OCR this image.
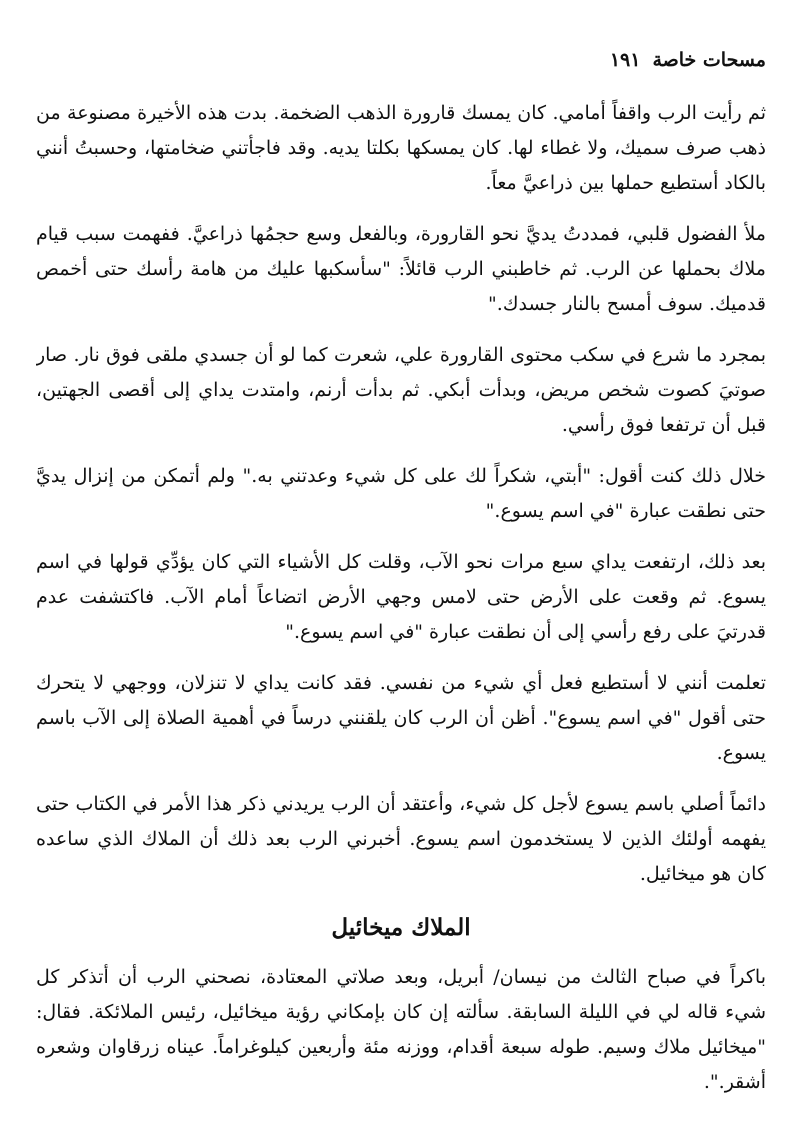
مسحات خاصة
١٩١

ثم رأيت الرب واقفاً أمامي. كان يمسك قارورة الذهب الضخمة. بدت هذه الأخيرة مصنوعة من ذهب صرف سميك، ولا غطاء لها. كان يمسكها بكلتا يديه. وقد فاجأتني ضخامتها، وحسبتُ أنني بالكاد أستطيع حملها بين ذراعيَّ معاً.

ملأ الفضول قلبي، فمددتُ يديَّ نحو القارورة، وبالفعل وسع حجمُها ذراعيَّ. ففهمت سبب قيام ملاك بحملها عن الرب. ثم خاطبني الرب قائلاً: "سأسكبها عليك من هامة رأسك حتى أخمص قدميك. سوف أمسح بالنار جسدك."

بمجرد ما شرع في سكب محتوى القارورة علي، شعرت كما لو أن جسدي ملقى فوق نار. صار صوتيَ كصوت شخص مريض، وبدأت أبكي. ثم بدأت أرنم، وامتدت يداي إلى أقصى الجهتين، قبل أن ترتفعا فوق رأسي.

خلال ذلك كنت أقول: "أبتي، شكراً لك على كل شيء وعدتني به." ولم أتمكن من إنزال يديَّ حتى نطقت عبارة "في اسم يسوع."

بعد ذلك، ارتفعت يداي سبع مرات نحو الآب، وقلت كل الأشياء التي كان يؤدِّي قولها في اسم يسوع. ثم وقعت على الأرض حتى لامس وجهي الأرض اتضاعاً أمام الآب. فاكتشفت عدم قدرتيَ على رفع رأسي إلى أن نطقت عبارة "في اسم يسوع."

تعلمت أنني لا أستطيع فعل أي شيء من نفسي. فقد كانت يداي لا تنزلان، ووجهي لا يتحرك حتى أقول "في اسم يسوع". أظن أن الرب كان يلقنني درساً في أهمية الصلاة إلى الآب باسم يسوع.

دائماً أصلي باسم يسوع لأجل كل شيء، وأعتقد أن الرب يريدني ذكر هذا الأمر في الكتاب حتى يفهمه أولئك الذين لا يستخدمون اسم يسوع. أخبرني الرب بعد ذلك أن الملاك الذي ساعده كان هو ميخائيل.

الملاك ميخائيل

باكراً في صباح الثالث من نيسان/ أبريل، وبعد صلاتي المعتادة، نصحني الرب أن أتذكر كل شيء قاله لي في الليلة السابقة. سألته إن كان بإمكاني رؤية ميخائيل، رئيس الملائكة. فقال: "ميخائيل ملاك وسيم. طوله سبعة أقدام، ووزنه مئة وأربعين كيلوغراماً. عيناه زرقاوان وشعره أشقر.".
